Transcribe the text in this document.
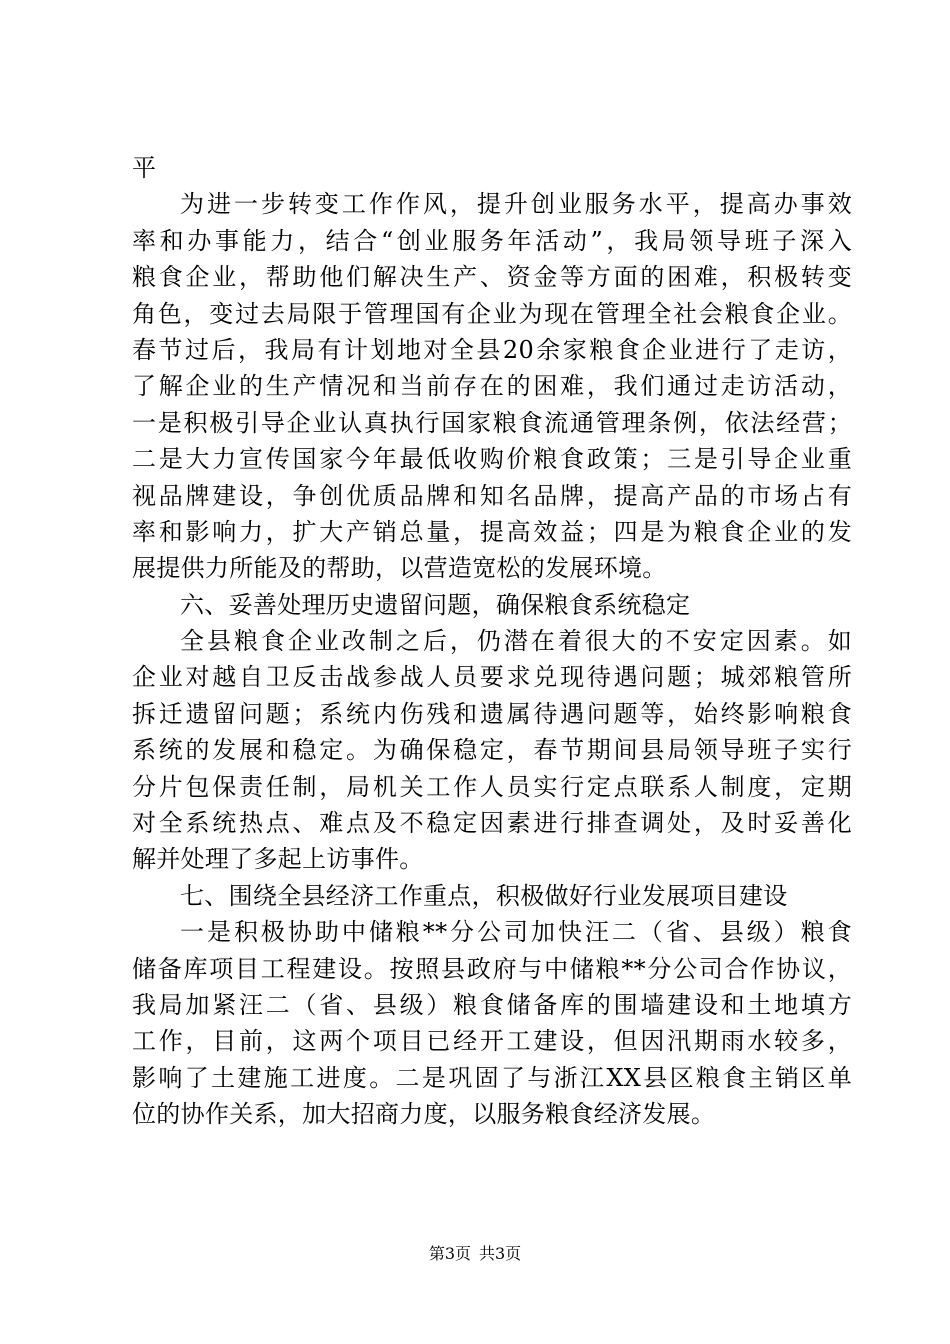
平
为进一步转变工作作风，提升创业服务水平，提高办事效
率和办事能力，结合“创业服务年活动”，我局领导班子深入
粮食企业，帮助他们解决生产、资金等方面的困难，积极转变
角色，变过去局限于管理国有企业为现在管理全社会粮食企业。
春节过后，我局有计划地对全县20余家粮食企业进行了走访，
了解企业的生产情况和当前存在的困难，我们通过走访活动，
一是积极引导企业认真执行国家粮食流通管理条例，依法经营；
二是大力宣传国家今年最低收购价粮食政策；三是引导企业重
视品牌建设，争创优质品牌和知名品牌，提高产品的市场占有
率和影响力，扩大产销总量，提高效益；四是为粮食企业的发
展提供力所能及的帮助，以营造宽松的发展环境。
六、妥善处理历史遗留问题，确保粮食系统稳定
全县粮食企业改制之后，仍潜在着很大的不安定因素。如
企业对越自卫反击战参战人员要求兑现待遇问题；城郊粮管所
拆迁遗留问题；系统内伤残和遗属待遇问题等，始终影响粮食
系统的发展和稳定。为确保稳定，春节期间县局领导班子实行
分片包保责任制，局机关工作人员实行定点联系人制度，定期
对全系统热点、难点及不稳定因素进行排查调处，及时妥善化
解并处理了多起上访事件。
七、围绕全县经济工作重点，积极做好行业发展项目建设
一是积极协助中储粮**分公司加快汪二（省、县级）粮食
储备库项目工程建设。按照县政府与中储粮**分公司合作协议，
我局加紧汪二（省、县级）粮食储备库的围墙建设和土地填方
工作，目前，这两个项目已经开工建设，但因汛期雨水较多，
影响了土建施工进度。二是巩固了与浙江XX县区粮食主销区单
位的协作关系，加大招商力度，以服务粮食经济发展。
第3页 共3页
